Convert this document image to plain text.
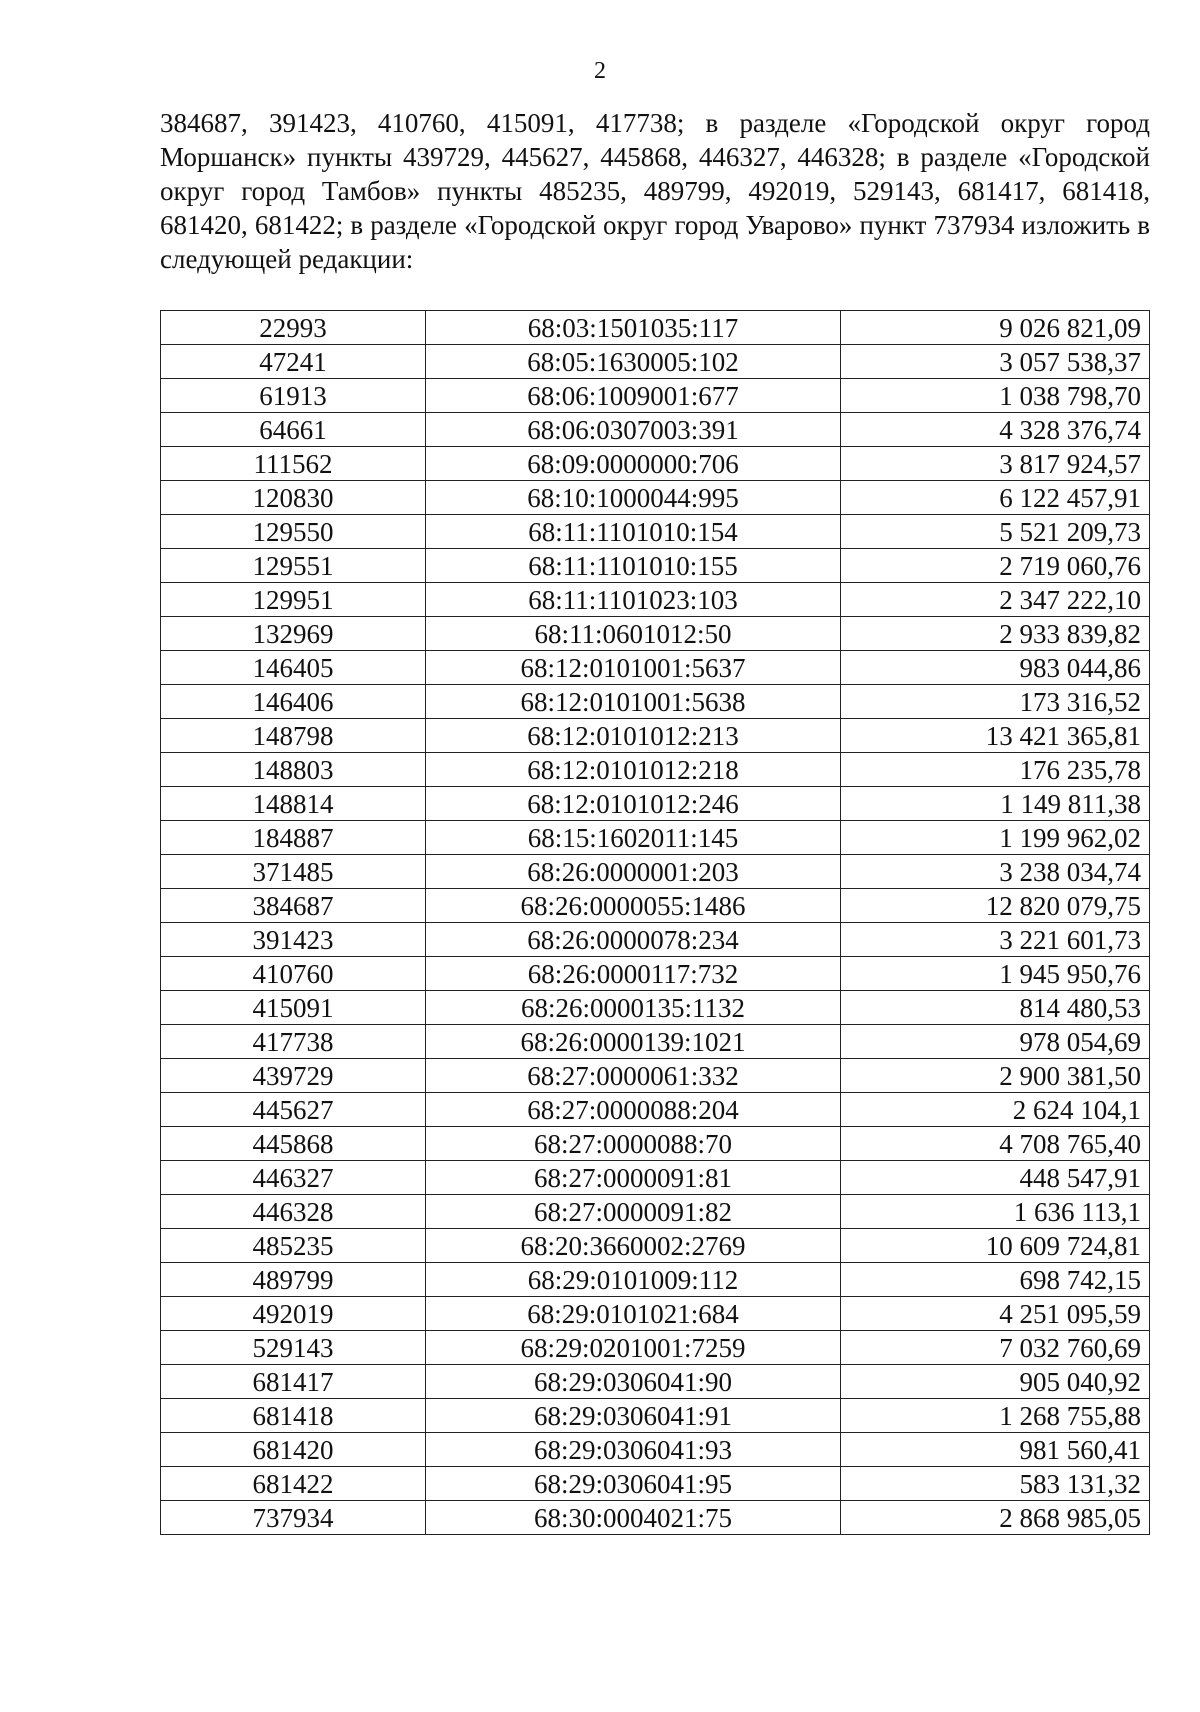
2

384687, 391423, 410760, 415091, 417738; в разделе «Городской округ город Моршанск» пункты 439729, 445627, 445868, 446327, 446328; в разделе «Городской округ город Тамбов» пункты 485235, 489799, 492019, 529143, 681417, 681418, 681420, 681422; в разделе «Городской округ город Уварово» пункт 737934 изложить в следующей редакции:

22993	68:03:1501035:117	9 026 821,09
47241	68:05:1630005:102	3 057 538,37
61913	68:06:1009001:677	1 038 798,70
64661	68:06:0307003:391	4 328 376,74
111562	68:09:0000000:706	3 817 924,57
120830	68:10:1000044:995	6 122 457,91
129550	68:11:1101010:154	5 521 209,73
129551	68:11:1101010:155	2 719 060,76
129951	68:11:1101023:103	2 347 222,10
132969	68:11:0601012:50	2 933 839,82
146405	68:12:0101001:5637	983 044,86
146406	68:12:0101001:5638	173 316,52
148798	68:12:0101012:213	13 421 365,81
148803	68:12:0101012:218	176 235,78
148814	68:12:0101012:246	1 149 811,38
184887	68:15:1602011:145	1 199 962,02
371485	68:26:0000001:203	3 238 034,74
384687	68:26:0000055:1486	12 820 079,75
391423	68:26:0000078:234	3 221 601,73
410760	68:26:0000117:732	1 945 950,76
415091	68:26:0000135:1132	814 480,53
417738	68:26:0000139:1021	978 054,69
439729	68:27:0000061:332	2 900 381,50
445627	68:27:0000088:204	2 624 104,1
445868	68:27:0000088:70	4 708 765,40
446327	68:27:0000091:81	448 547,91
446328	68:27:0000091:82	1 636 113,1
485235	68:20:3660002:2769	10 609 724,81
489799	68:29:0101009:112	698 742,15
492019	68:29:0101021:684	4 251 095,59
529143	68:29:0201001:7259	7 032 760,69
681417	68:29:0306041:90	905 040,92
681418	68:29:0306041:91	1 268 755,88
681420	68:29:0306041:93	981 560,41
681422	68:29:0306041:95	583 131,32
737934	68:30:0004021:75	2 868 985,05
